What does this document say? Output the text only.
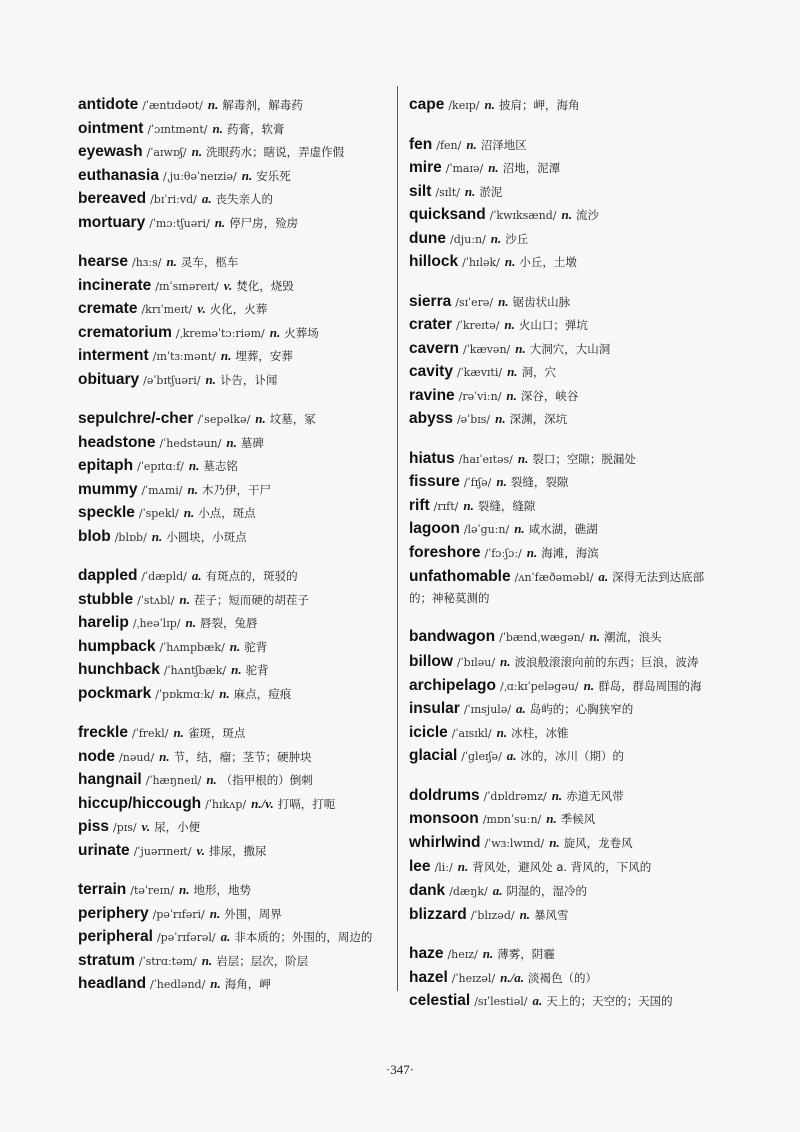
antidote /ˈæntɪdəʊt/ n. 解毒剂，解毒药
ointment /ˈɔɪntmənt/ n. 药膏，软膏
eyewash /ˈaɪwɒʃ/ n. 洗眼药水；瞎说，弄虚作假
euthanasia /ˌjuːθəˈneɪziə/ n. 安乐死
bereaved /bɪˈriːvd/ a. 丧失亲人的
mortuary /ˈmɔːtʃuəri/ n. 停尸房，殓房
hearse /hɜːs/ n. 灵车，柩车
incinerate /ɪnˈsɪnəreɪt/ v. 焚化，烧毁
cremate /krɪˈmeɪt/ v. 火化，火葬
crematorium /ˌkreməˈtɔːriəm/ n. 火葬场
interment /ɪnˈtɜːmənt/ n. 埋葬，安葬
obituary /əˈbɪtʃuəri/ n. 讣告，讣闻
sepulchre/-cher /ˈsepəlkə/ n. 坟墓，冢
headstone /ˈhedstəun/ n. 墓碑
epitaph /ˈepɪtɑːf/ n. 墓志铭
mummy /ˈmʌmi/ n. 木乃伊，干尸
speckle /ˈspekl/ n. 小点，斑点
blob /blɒb/ n. 小圆块，小斑点
dappled /ˈdæpld/ a. 有斑点的，斑驳的
stubble /ˈstʌbl/ n. 茬子；短而硬的胡茬子
harelip /ˌheəˈlɪp/ n. 唇裂，兔唇
humpback /ˈhʌmpbæk/ n. 驼背
hunchback /ˈhʌntʃbæk/ n. 驼背
pockmark /ˈpɒkmɑːk/ n. 麻点，痘痕
freckle /ˈfrekl/ n. 雀斑，斑点
node /nəud/ n. 节，结，瘤；茎节；硬肿块
hangnail /ˈhæŋneɪl/ n. （指甲根的）倒刺
hiccup/hiccough /ˈhɪkʌp/ n./v. 打嗝，打呃
piss /pɪs/ v. 尿，小便
urinate /ˈjuərɪneɪt/ v. 排尿，撒尿
terrain /təˈreɪn/ n. 地形，地势
periphery /pəˈrɪfəri/ n. 外围，周界
peripheral /pəˈrɪfərəl/ a. 非本质的；外围的，周边的
stratum /ˈstrɑːtəm/ n. 岩层；层次，阶层
headland /ˈhedlənd/ n. 海角，岬
cape /keɪp/ n. 披肩；岬，海角
fen /fen/ n. 沼泽地区
mire /ˈmaɪə/ n. 沼地，泥潭
silt /sɪlt/ n. 淤泥
quicksand /ˈkwɪksænd/ n. 流沙
dune /djuːn/ n. 沙丘
hillock /ˈhɪlək/ n. 小丘，土墩
sierra /sɪˈerə/ n. 锯齿状山脉
crater /ˈkreɪtə/ n. 火山口；弹坑
cavern /ˈkævən/ n. 大洞穴，大山洞
cavity /ˈkævɪti/ n. 洞，穴
ravine /rəˈviːn/ n. 深谷，峡谷
abyss /əˈbɪs/ n. 深渊，深坑
hiatus /haɪˈeɪtəs/ n. 裂口；空隙；脱漏处
fissure /ˈfɪʃə/ n. 裂缝，裂隙
rift /rɪft/ n. 裂缝，缝隙
lagoon /ləˈguːn/ n. 咸水湖，礁湖
foreshore /ˈfɔːʃɔː/ n. 海滩，海滨
unfathomable /ʌnˈfæðəməbl/ a. 深得无法到达底部的；神秘莫测的
bandwagon /ˈbændˌwægən/ n. 潮流，浪头
billow /ˈbɪləu/ n. 波浪般滚滚向前的东西；巨浪，波涛
archipelago /ˌɑːkɪˈpeləgəu/ n. 群岛，群岛周围的海
insular /ˈɪnsjulə/ a. 岛屿的；心胸狭窄的
icicle /ˈaɪsɪkl/ n. 冰柱，冰锥
glacial /ˈgleɪʃə/ a. 冰的，冰川（期）的
doldrums /ˈdɒldrəmz/ n. 赤道无风带
monsoon /mɒnˈsuːn/ n. 季候风
whirlwind /ˈwɜːlwɪnd/ n. 旋风，龙卷风
lee /liː/ n. 背风处，避风处 a. 背风的，下风的
dank /dæŋk/ a. 阴湿的，湿冷的
blizzard /ˈblɪzəd/ n. 暴风雪
haze /heɪz/ n. 薄雾，阴霾
hazel /ˈheɪzəl/ n./a. 淡褐色（的）
celestial /sɪˈlestiəl/ a. 天上的；天空的；天国的
·347·
